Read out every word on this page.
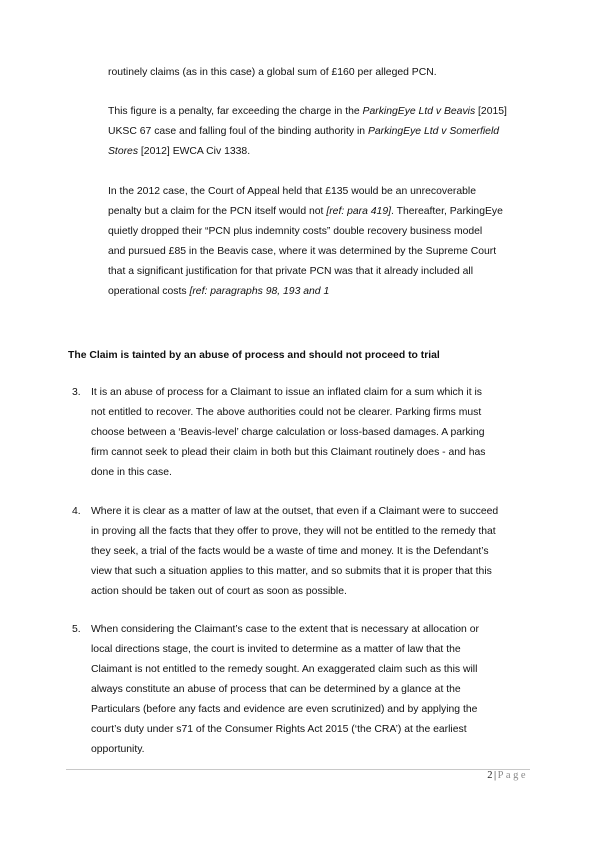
routinely claims (as in this case) a global sum of £160 per alleged PCN.

This figure is a penalty, far exceeding the charge in the ParkingEye Ltd v Beavis [2015]
UKSC 67 case and falling foul of the binding authority in ParkingEye Ltd v Somerfield
Stores [2012] EWCA Civ 1338.

In the 2012 case, the Court of Appeal held that £135 would be an unrecoverable
penalty but a claim for the PCN itself would not [ref: para 419]. Thereafter, ParkingEye
quietly dropped their “PCN plus indemnity costs” double recovery business model
and pursued £85 in the Beavis case, where it was determined by the Supreme Court
that a significant justification for that private PCN was that it already included all
operational costs [ref: paragraphs 98, 193 and 1

The Claim is tainted by an abuse of process and should not proceed to trial
3. It is an abuse of process for a Claimant to issue an inflated claim for a sum which it is
not entitled to recover. The above authorities could not be clearer. Parking firms must
choose between a ‘Beavis-level’ charge calculation or loss-based damages. A parking
firm cannot seek to plead their claim in both but this Claimant routinely does - and has
done in this case.
4. Where it is clear as a matter of law at the outset, that even if a Claimant were to succeed
in proving all the facts that they offer to prove, they will not be entitled to the remedy that
they seek, a trial of the facts would be a waste of time and money. It is the Defendant’s
view that such a situation applies to this matter, and so submits that it is proper that this
action should be taken out of court as soon as possible.
5. When considering the Claimant’s case to the extent that is necessary at allocation or
local directions stage, the court is invited to determine as a matter of law that the
Claimant is not entitled to the remedy sought. An exaggerated claim such as this will
always constitute an abuse of process that can be determined by a glance at the
Particulars (before any facts and evidence are even scrutinized) and by applying the
court’s duty under s71 of the Consumer Rights Act 2015 (‘the CRA’) at the earliest
opportunity.
2|Page
